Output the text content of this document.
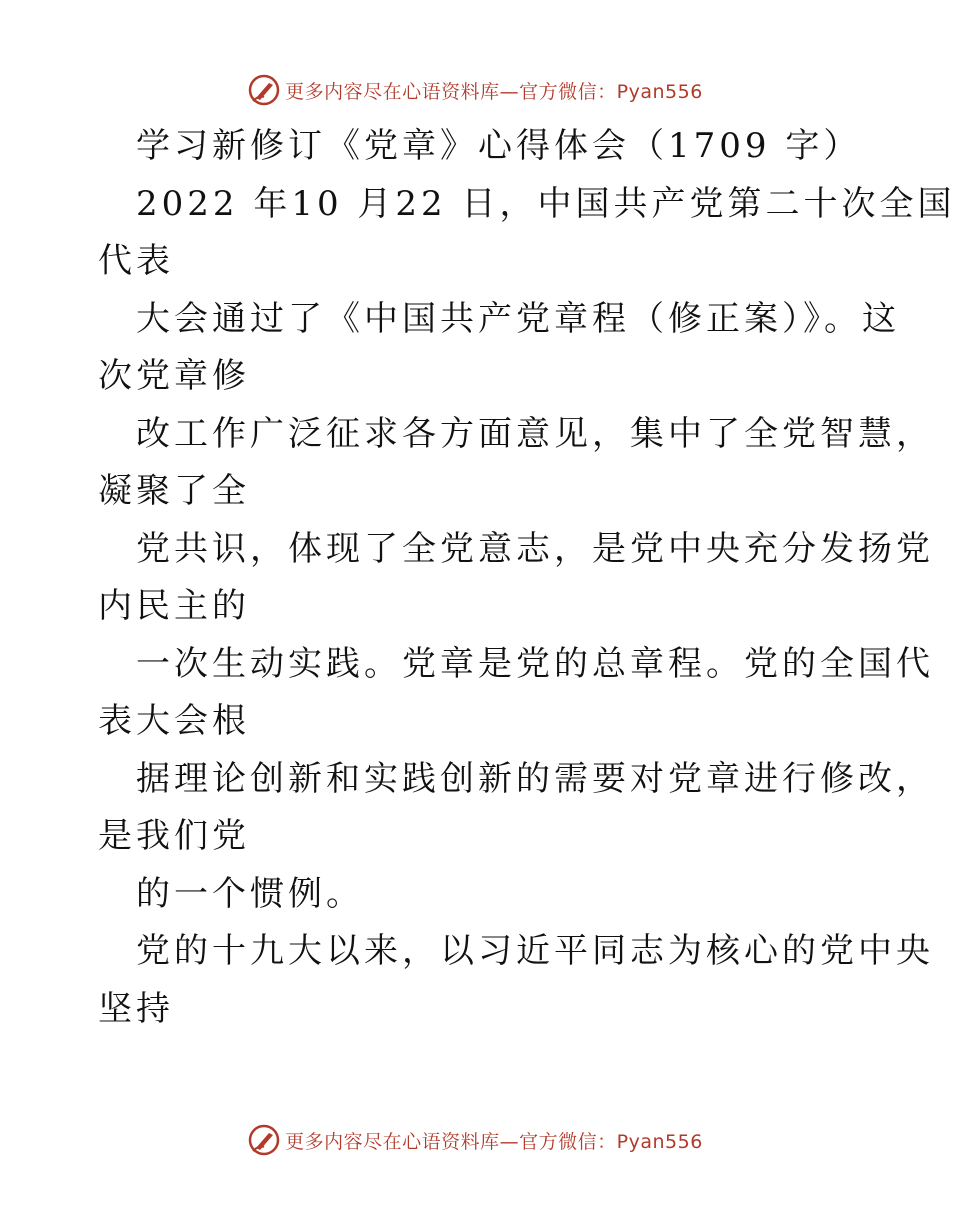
更多内容尽在心语资料库—官方微信：Pyan556
学习新修订《党章》心得体会（1709 字）
2022 年10 月22 日，中国共产党第二十次全国
代表
大会通过了《中国共产党章程（修正案）》。这
次党章修
改工作广泛征求各方面意见，集中了全党智慧，
凝聚了全
党共识，体现了全党意志，是党中央充分发扬党
内民主的
一次生动实践。党章是党的总章程。党的全国代
表大会根
据理论创新和实践创新的需要对党章进行修改，
是我们党
的一个惯例。
党的十九大以来，以习近平同志为核心的党中央
坚持
更多内容尽在心语资料库—官方微信：Pyan556
